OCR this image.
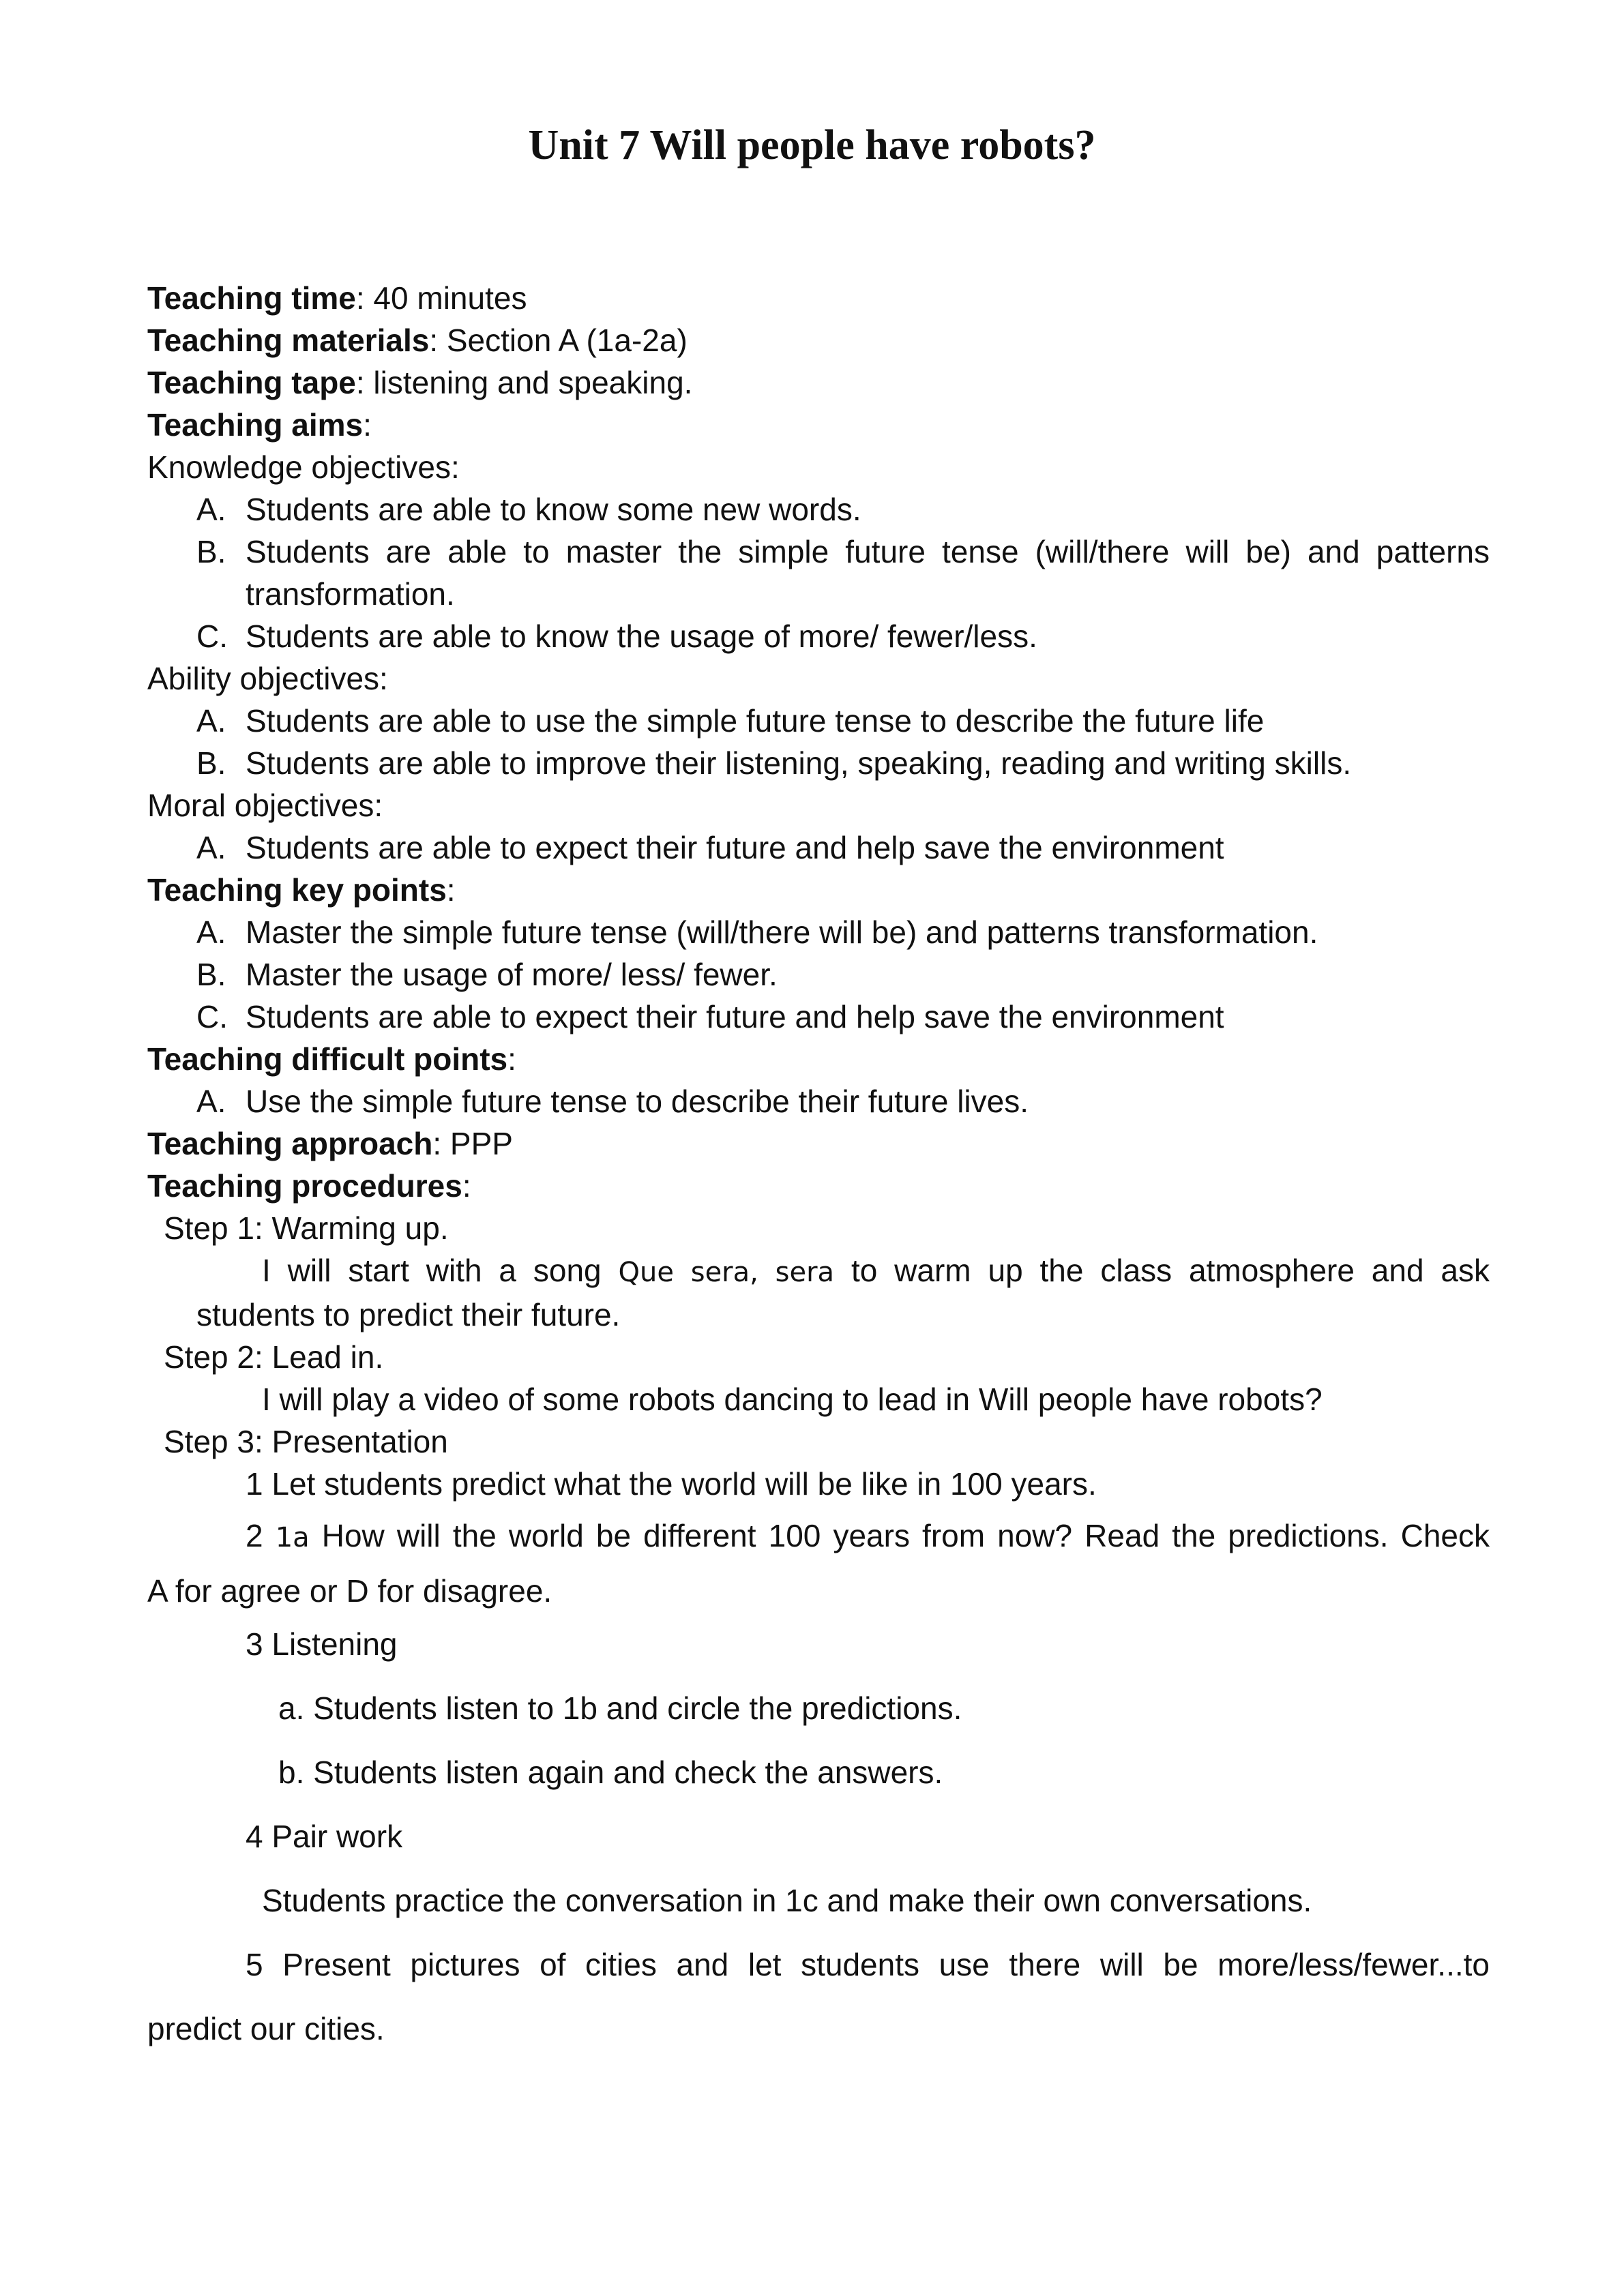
Unit 7 Will people have robots?
Teaching time: 40 minutes
Teaching materials: Section A (1a-2a)
Teaching tape: listening and speaking.
Teaching aims:
Knowledge objectives:
A. Students are able to know some new words.
B. Students are able to master the simple future tense (will/there will be) and patterns
transformation.
C. Students are able to know the usage of more/ fewer/less.
Ability objectives:
A. Students are able to use the simple future tense to describe the future life
B. Students are able to improve their listening, speaking, reading and writing skills.
Moral objectives:
A. Students are able to expect their future and help save the environment
Teaching key points:
A. Master the simple future tense (will/there will be) and patterns transformation.
B. Master the usage of more/ less/ fewer.
C. Students are able to expect their future and help save the environment
Teaching difficult points:
A. Use the simple future tense to describe their future lives.
Teaching approach: PPP
Teaching procedures:
Step 1: Warming up.
I will start with a song Que sera, sera to warm up the class atmosphere and ask
students to predict their future.
Step 2: Lead in.
I will play a video of some robots dancing to lead in Will people have robots?
Step 3: Presentation
1 Let students predict what the world will be like in 100 years.
2 1a How will the world be different 100 years from now? Read the predictions. Check
A for agree or D for disagree.
3 Listening
a. Students listen to 1b and circle the predictions.
b. Students listen again and check the answers.
4 Pair work
Students practice the conversation in 1c and make their own conversations.
5 Present pictures of cities and let students use there will be more/less/fewer...to
predict our cities.
